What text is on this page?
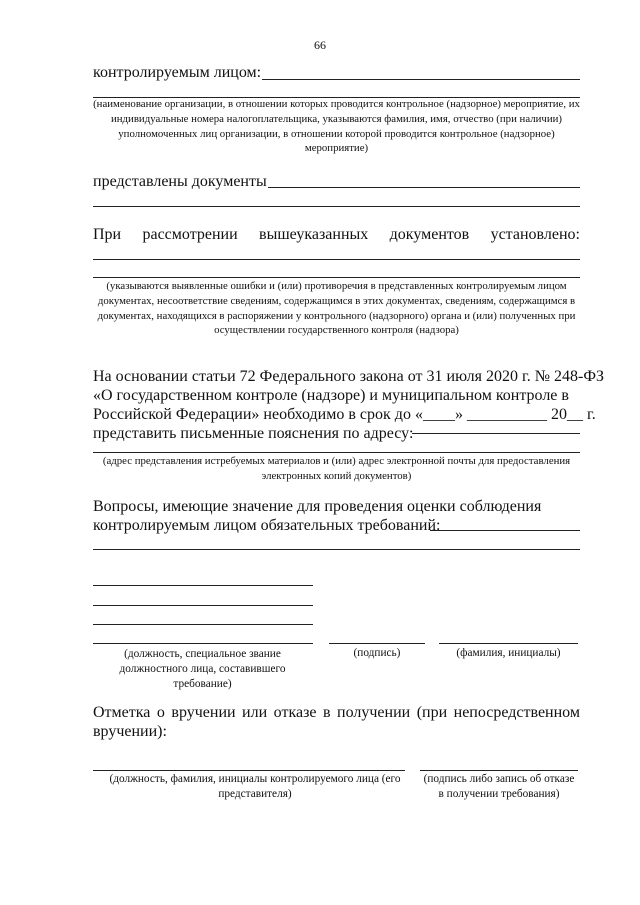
66
контролируемым лицом:
(наименование организации, в отношении которых проводится контрольное (надзорное) мероприятие, их индивидуальные номера налогоплательщика, указываются фамилия, имя, отчество (при наличии) уполномоченных лиц организации, в отношении которой проводится контрольное (надзорное) мероприятие)
представлены документы
При рассмотрении вышеуказанных документов установлено:
(указываются выявленные ошибки и (или) противоречия в представленных контролируемым лицом документах, несоответствие сведениям, содержащимся в этих документах, сведениям, содержащимся в документах, находящихся в распоряжении у контрольного (надзорного) органа и (или) полученных при осуществлении государственного контроля (надзора)
На основании статьи 72 Федерального закона от 31 июля 2020 г. № 248-ФЗ
«О государственном контроле (надзоре) и муниципальном контроле в
Российской Федерации» необходимо в срок до «____» __________ 20__ г.
представить письменные пояснения по адресу:
(адрес представления истребуемых материалов и (или) адрес электронной почты для предоставления электронных копий документов)
Вопросы, имеющие значение для проведения оценки соблюдения
контролируемым лицом обязательных требований:
(должность, специальное звание должностного лица, составившего требование)
(подпись)	(фамилия, инициалы)
Отметка о вручении или отказе в получении (при непосредственном вручении):
(должность, фамилия, инициалы контролируемого лица (его представителя)
(подпись либо запись об отказе в получении требования)
